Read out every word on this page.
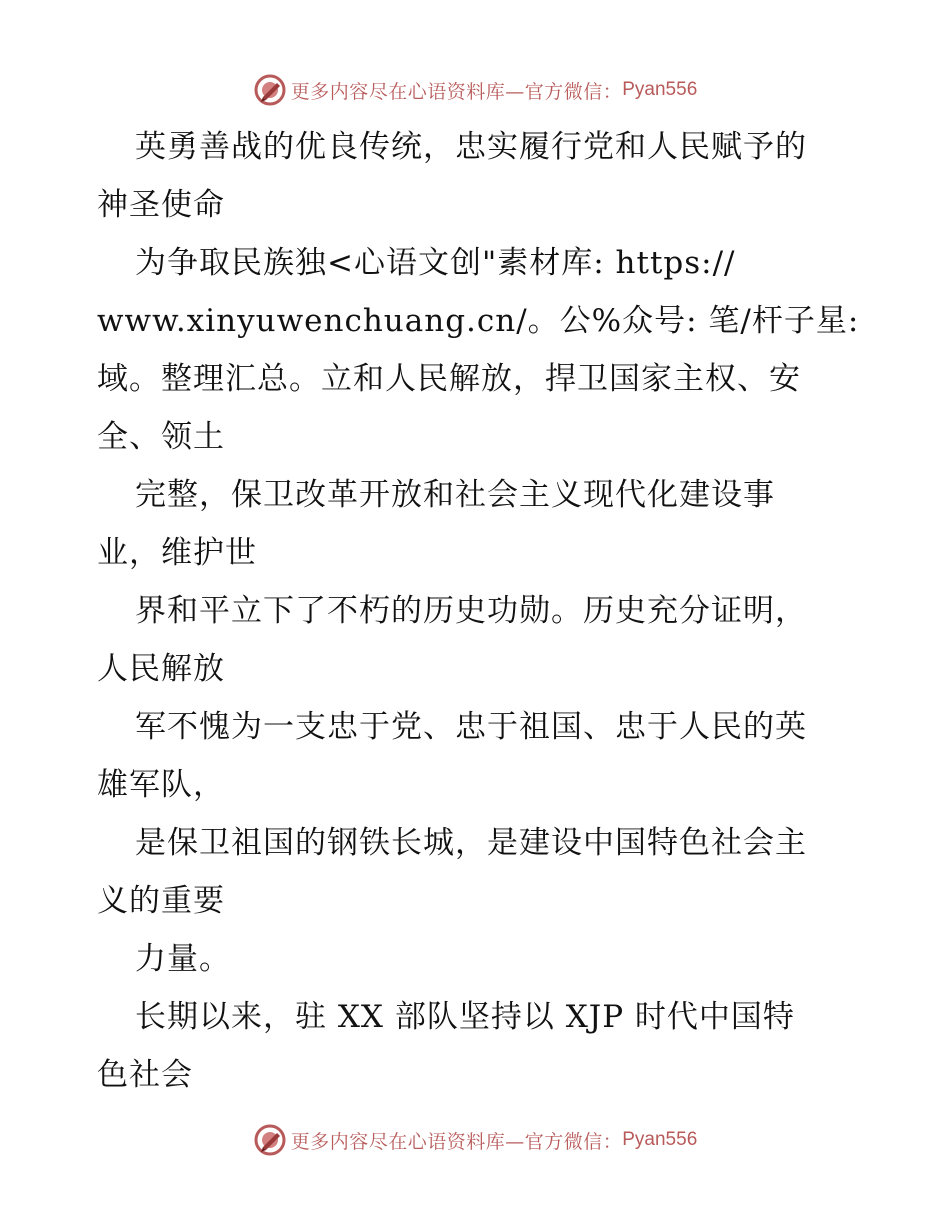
更多内容尽在心语资料库—官方微信： Pyan556
英勇善战的优良传统，忠实履行党和人民赋予的
神圣使命
为争取民族独<心语文创"素材库: https://
www.xinyuwenchuang.cn/。公%众号: 笔/杆子星:
域。整理汇总。立和人民解放，捍卫国家主权、安
全、领土
完整，保卫改革开放和社会主义现代化建设事
业，维护世
界和平立下了不朽的历史功勋。历史充分证明，
人民解放
军不愧为一支忠于党、忠于祖国、忠于人民的英
雄军队，
是保卫祖国的钢铁长城，是建设中国特色社会主
义的重要
力量。
长期以来，驻 XX 部队坚持以 XJP 时代中国特
色社会
更多内容尽在心语资料库—官方微信： Pyan556
